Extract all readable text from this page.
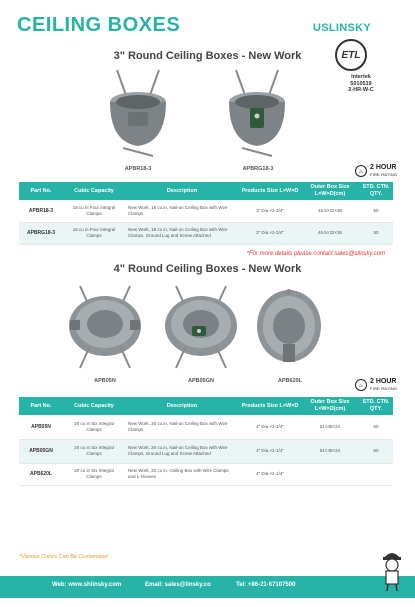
CEILING BOXES	USLINSKY
ETL
Intertek
5010519
2-HR-W-C
3" Round Ceiling Boxes - New Work
APBR18-3	APBRG18-3	♨
2 HOUR
FIRE RATING
Part No.	Cubic Capacity	Description	Products Size L×W×D	Outer Box Size L×W×D(cm)	STD. CTN. QTY.
APBR18-3	18 cu in Four Integral Clamps	New Work, 18 cu in, Nail-on Ceiling Box with Wire Clamps	3" Dia.×2-3/4"	45.5×32×36	50
APBRG18-3	18 cu in Four Integral Clamps	New Work, 18 cu in, Nail-on Ceiling Box with Wire Clamps, Ground Lug and Screw Attached	3" Dia.×2-3/4"	45.5×32×36	50
*For more details please contact sales@slinsky.com
4" Round Ceiling Boxes - New Work
APB05N	APB05GN	APB620L
♨
2 HOUR
FIRE RATING
Part No.	Cubic Capacity	Description	Products Size L×W×D	Outer Box Size L×W×D(cm)	STD. CTN. QTY.
APB05N	20 cu in Six Integral Clamps	New Work, 20 cu in, Nail-on Ceiling Box with Wire Clamps	4" Dia.×2-1/4"	51×48×24	60
APB05GN	20 cu in Six Integral Clamps	New Work, 20 cu in, Nail-on Ceiling Box with Wire Clamps, Ground Lug and Screw Attached	4" Dia.×2-1/4"	51×48×24	60
APB620L	20 cu in Six Integral Clamps	New Work, 20 cu in, Ceiling Box with Wire Clamps and L-Hooves	4" Dia.×2-1/4"		
*Various Colors Can Be Customized
Web: www.shlinsky.com	Email: sales@linsky.co	Tel: +86-21-67107500
